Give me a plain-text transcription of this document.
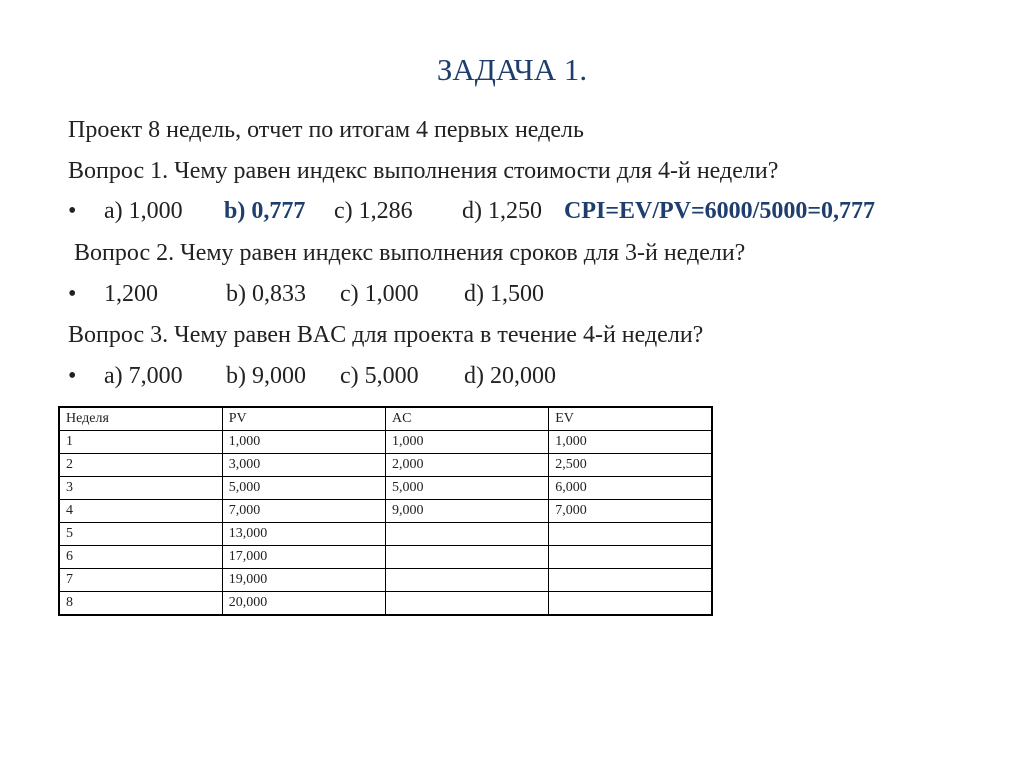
ЗАДАЧА 1.
Проект 8 недель, отчет по итогам 4 первых недель
Вопрос 1. Чему равен индекс выполнения стоимости для 4-й недели?
• a) 1,000 b) 0,777 c) 1,286 d) 1,250 CPI=EV/PV=6000/5000=0,777
Вопрос 2. Чему равен индекс выполнения сроков для 3-й недели?
• 1,200	b) 0,833 c) 1,000 d) 1,500
Вопрос 3. Чему равен BAC для проекта в течение 4-й недели?
• a) 7,000 b) 9,000 c) 5,000 d) 20,000
Неделя	PV	AC	EV
1	1,000	1,000	1,000
2	3,000	2,000	2,500
3	5,000	5,000	6,000
4	7,000	9,000	7,000
5	13,000		
6	17,000		
7	19,000		
8	20,000		
